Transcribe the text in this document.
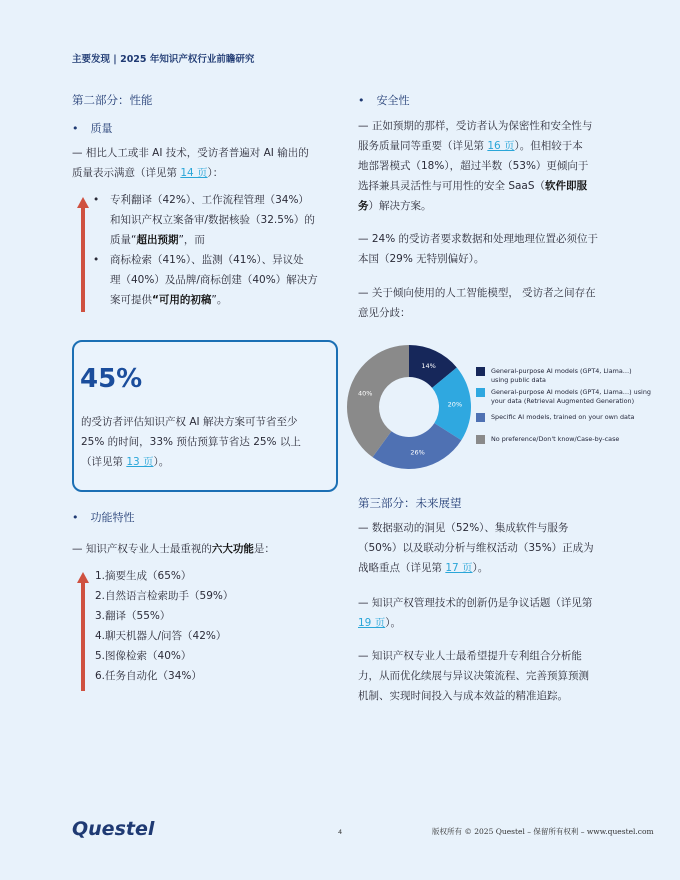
主要发现 | 2025 年知识产权行业前瞻研究
第二部分：性能
• 质量
— 相比人工或非 AI 技术，受访者普遍对 AI 输出的
质量表示满意（详见第 14 页）：
• 专利翻译（42%）、工作流程管理（34%）
和知识产权立案备审/数据核验（32.5%）的
质量“超出预期”，而
• 商标检索（41%）、监测（41%）、异议处
理（40%）及品牌/商标创建（40%）解决方
案可提供“可用的初稿”。
45%
的受访者评估知识产权 AI 解决方案可节省至少
25% 的时间，33% 预估预算节省达 25% 以上
（详见第 13 页）。
• 功能特性
— 知识产权专业人士最重视的六大功能是：
1.摘要生成（65%）
2.自然语言检索助手（59%）
3.翻译（55%）
4.聊天机器人/问答（42%）
5.图像检索（40%）
6.任务自动化（34%）
• 安全性
— 正如预期的那样，受访者认为保密性和安全性与
服务质量同等重要（详见第 16 页）。但相较于本
地部署模式（18%），超过半数（53%）更倾向于
选择兼具灵活性与可用性的安全 SaaS（软件即服
务）解决方案。
— 24% 的受访者要求数据和处理地理位置必须位于
本国（29% 无特别偏好）。
— 关于倾向使用的人工智能模型， 受访者之间存在
意见分歧：
14%
20%
26%
40%
General-purpose AI models (GPT4, Llama…)
using public data
General-purpose AI models (GPT4, Llama…) using
your data (Retrieval Augmented Generation)
Specific AI models, trained on your own data
No preference/Don't know/Case-by-case
第三部分：未来展望
— 数据驱动的洞见（52%）、集成软件与服务
（50%）以及联动分析与维权活动（35%）正成为
战略重点（详见第 17 页）。
— 知识产权管理技术的创新仍是争议话题（详见第
19 页）。
— 知识产权专业人士最希望提升专利组合分析能
力，从而优化续展与异议决策流程、完善预算预测
机制、实现时间投入与成本效益的精准追踪。
Questel	4	版权所有 © 2025 Questel – 保留所有权利 – www.questel.com
